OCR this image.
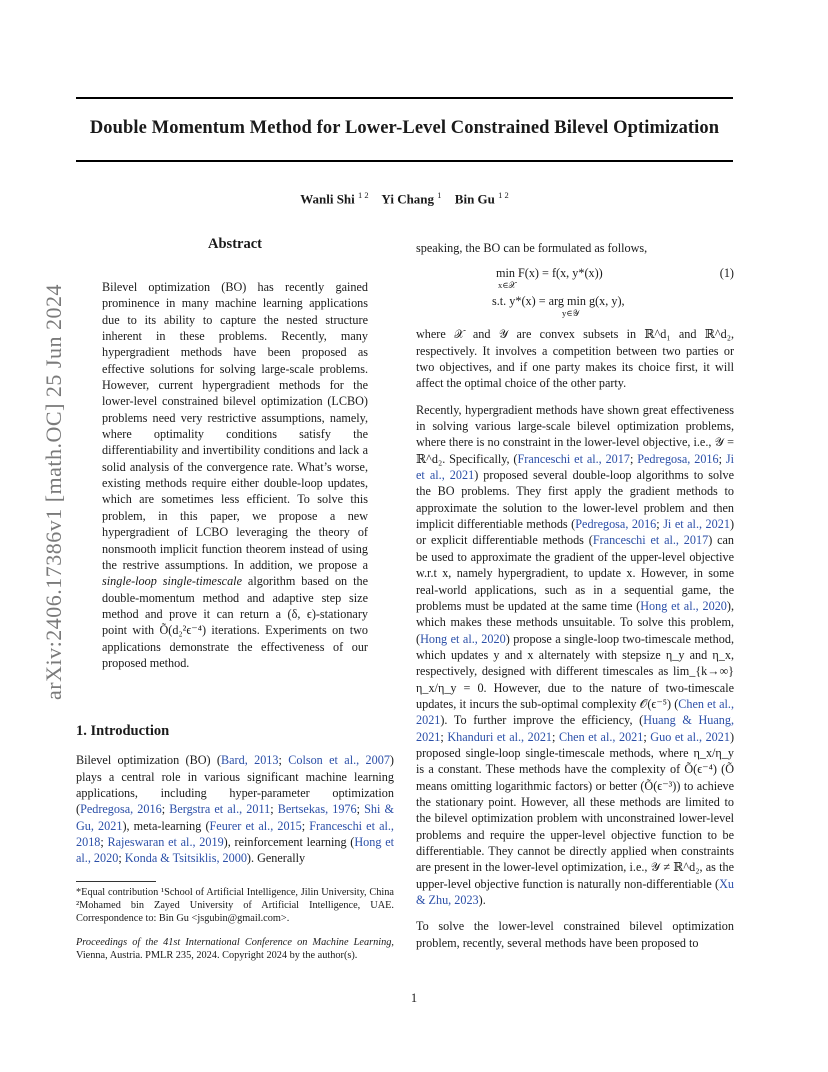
Double Momentum Method for Lower-Level Constrained Bilevel Optimization
Wanli Shi $^{1 2}$ Yi Chang $^1$ Bin Gu $^{1 2}$
arXiv:2406.17386v1 [math.OC] 25 Jun 2024
Abstract
Bilevel optimization (BO) has recently gained prominence in many machine learning applications due to its ability to capture the nested structure inherent in these problems. Recently, many hypergradient methods have been proposed as effective solutions for solving large-scale problems. However, current hypergradient methods for the lower-level constrained bilevel optimization (LCBO) problems need very restrictive assumptions, namely, where optimality conditions satisfy the differentiability and invertibility conditions and lack a solid analysis of the convergence rate. What’s worse, existing methods require either double-loop updates, which are sometimes less efficient. To solve this problem, in this paper, we propose a new hypergradient of LCBO leveraging the theory of nonsmooth implicit function theorem instead of using the restrive assumptions. In addition, we propose a single-loop single-timescale algorithm based on the double-momentum method and adaptive step size method and prove it can return a (δ, ϵ)-stationary point with Õ(d₂²ϵ⁻⁴) iterations. Experiments on two applications demonstrate the effectiveness of our proposed method.
1. Introduction

Bilevel optimization (BO) (Bard, 2013; Colson et al., 2007) plays a central role in various significant machine learning applications, including hyper-parameter optimization (Pedregosa, 2016; Bergstra et al., 2011; Bertsekas, 1976; Shi & Gu, 2021), meta-learning (Feurer et al., 2015; Franceschi et al., 2018; Rajeswaran et al., 2019), reinforcement learning (Hong et al., 2020; Konda & Tsitsiklis, 2000). Generally

*Equal contribution ¹School of Artificial Intelligence, Jilin University, China ²Mohamed bin Zayed University of Artificial Intelligence, UAE. Correspondence to: Bin Gu <jsgubin@gmail.com>.

Proceedings of the 41st International Conference on Machine Learning, Vienna, Austria. PMLR 235, 2024. Copyright 2024 by the author(s).

speaking, the BO can be formulated as follows,

min F(x) = f(x, y*(x))
x∈𝒳
s.t. y*(x) = arg min g(x, y),
y∈𝒴
(1)

where 𝒳 and 𝒴 are convex subsets in ℝ^d₁ and ℝ^d₂, respectively. It involves a competition between two parties or two objectives, and if one party makes its choice first, it will affect the optimal choice of the other party.

Recently, hypergradient methods have shown great effectiveness in solving various large-scale bilevel optimization problems, where there is no constraint in the lower-level objective, i.e., 𝒴 = ℝ^d₂. Specifically, (Franceschi et al., 2017; Pedregosa, 2016; Ji et al., 2021) proposed several double-loop algorithms to solve the BO problems. They first apply the gradient methods to approximate the solution to the lower-level problem and then implicit differentiable methods (Pedregosa, 2016; Ji et al., 2021) or explicit differentiable methods (Franceschi et al., 2017) can be used to approximate the gradient of the upper-level objective w.r.t x, namely hypergradient, to update x. However, in some real-world applications, such as in a sequential game, the problems must be updated at the same time (Hong et al., 2020), which makes these methods unsuitable. To solve this problem, (Hong et al., 2020) propose a single-loop two-timescale method, which updates y and x alternately with stepsize η_y and η_x, respectively, designed with different timescales as lim_{k→∞} η_x/η_y = 0. However, due to the nature of two-timescale updates, it incurs the sub-optimal complexity 𝒪(ϵ⁻⁵) (Chen et al., 2021). To further improve the efficiency, (Huang & Huang, 2021; Khanduri et al., 2021; Chen et al., 2021; Guo et al., 2021) proposed single-loop single-timescale methods, where η_x/η_y is a constant. These methods have the complexity of Õ(ϵ⁻⁴) (Õ means omitting logarithmic factors) or better (Õ(ϵ⁻³)) to achieve the stationary point. However, all these methods are limited to the bilevel optimization problem with unconstrained lower-level problems and require the upper-level objective function to be differentiable. They cannot be directly applied when constraints are present in the lower-level optimization, i.e., 𝒴 ≠ ℝ^d₂, as the upper-level objective function is naturally non-differentiable (Xu & Zhu, 2023).

To solve the lower-level constrained bilevel optimization problem, recently, several methods have been proposed to

1
